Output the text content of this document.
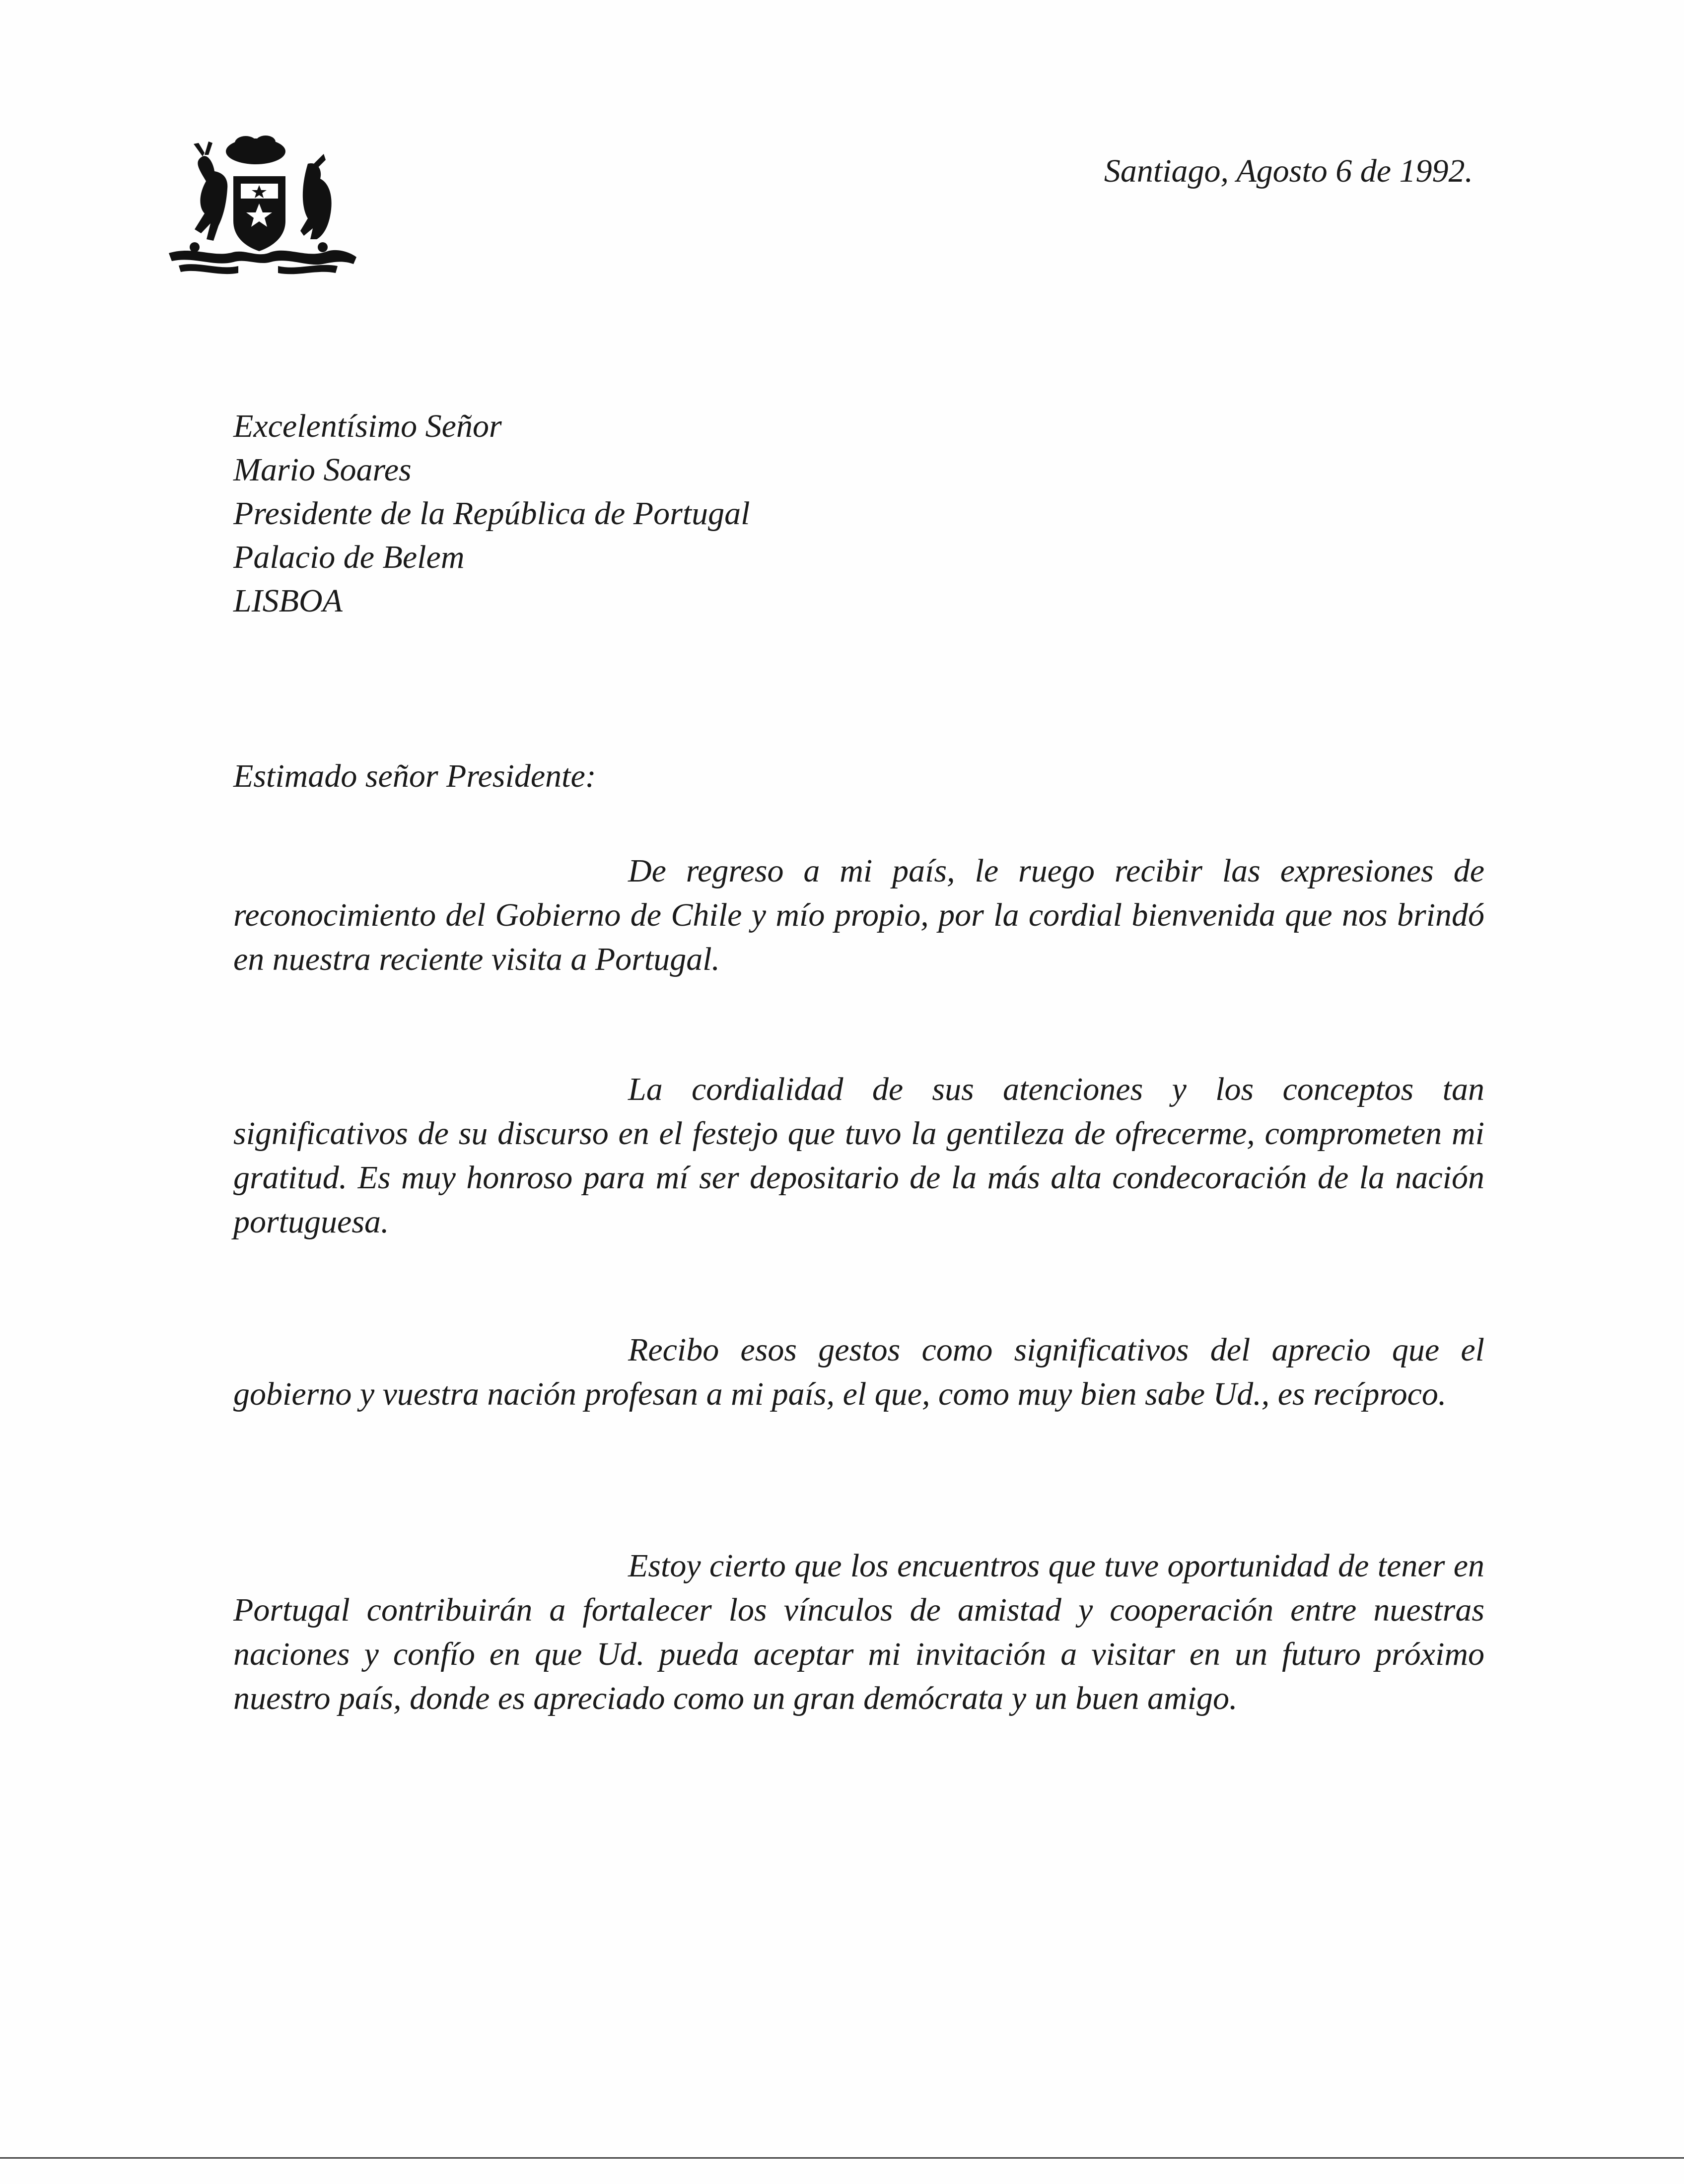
Santiago, Agosto 6 de 1992.
Excelentísimo Señor
Mario Soares
Presidente de la República de Portugal
Palacio de Belem
LISBOA
Estimado señor Presidente:

De regreso a mi país, le ruego recibir las expresiones de reconocimiento del Gobierno de Chile y mío propio, por la cordial bienvenida que nos brindó en nuestra reciente visita a Portugal.

La cordialidad de sus atenciones y los conceptos tan significativos de su discurso en el festejo que tuvo la gentileza de ofrecerme, comprometen mi gratitud. Es muy honroso para mí ser depositario de la más alta condecoración de la nación portuguesa.

Recibo esos gestos como significativos del aprecio que el gobierno y vuestra nación profesan a mi país, el que, como muy bien sabe Ud., es recíproco.

Estoy cierto que los encuentros que tuve oportunidad de tener en Portugal contribuirán a fortalecer los vínculos de amistad y cooperación entre nuestras naciones y confío en que Ud. pueda aceptar mi invitación a visitar en un futuro próximo nuestro país, donde es apreciado como un gran demócrata y un buen amigo.
